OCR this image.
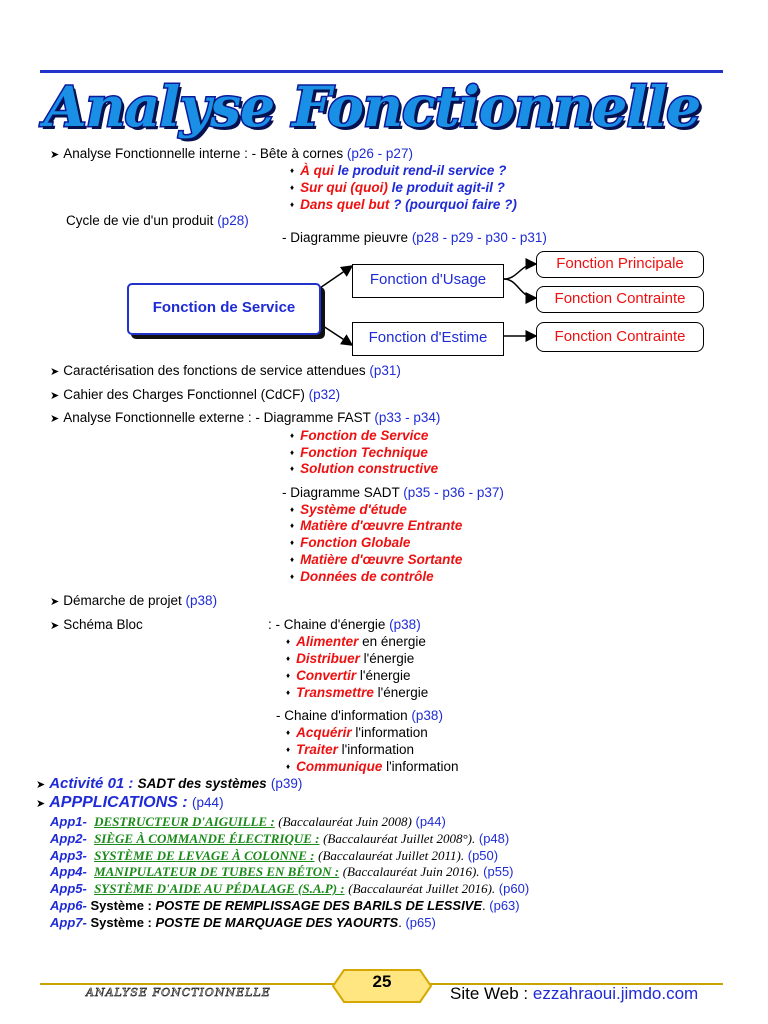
Analyse Fonctionnelle
➤ Analyse Fonctionnelle interne : - Bête à cornes (p26 - p27)
♦ À qui le produit rend-il service ?
♦ Sur qui (quoi) le produit agit-il ?
♦ Dans quel but ? (pourquoi faire ?)
Cycle de vie d'un produit (p28)
- Diagramme pieuvre (p28 - p29 - p30 - p31)
Fonction de Service
Fonction d'Usage
Fonction d'Estime
Fonction Principale
Fonction Contrainte
Fonction Contrainte
➤ Caractérisation des fonctions de service attendues (p31)
➤ Cahier des Charges Fonctionnel (CdCF) (p32)
➤ Analyse Fonctionnelle externe : - Diagramme FAST (p33 - p34)
♦ Fonction de Service
♦ Fonction Technique
♦ Solution constructive
- Diagramme SADT (p35 - p36 - p37)
♦ Système d'étude
♦ Matière d'œuvre Entrante
♦ Fonction Globale
♦ Matière d'œuvre Sortante
♦ Données de contrôle
➤ Démarche de projet (p38)
➤ Schéma Bloc	: - Chaine d'énergie (p38)
♦ Alimenter en énergie
♦ Distribuer l'énergie
♦ Convertir l'énergie
♦ Transmettre l'énergie
- Chaine d'information (p38)
♦ Acquérir l'information
♦ Traiter l'information
♦ Communique l'information
➤ Activité 01 : SADT des systèmes (p39)
➤ APPPLICATIONS : (p44)
App1- DESTRUCTEUR D'AIGUILLE : (Baccalauréat Juin 2008) (p44)
App2- SIÈGE À COMMANDE ÉLECTRIQUE : (Baccalauréat Juillet 2008°). (p48)
App3- SYSTÈME DE LEVAGE À COLONNE : (Baccalauréat Juillet 2011). (p50)
App4- MANIPULATEUR DE TUBES EN BÉTON : (Baccalauréat Juin 2016). (p55)
App5- SYSTÈME D'AIDE AU PÉDALAGE (S.A.P) : (Baccalauréat Juillet 2016). (p60)
App6- Système : POSTE DE REMPLISSAGE DES BARILS DE LESSIVE. (p63)
App7- Système : POSTE DE MARQUAGE DES YAOURTS. (p65)
25
ANALYSE FONCTIONNELLE	Site Web : ezzahraoui.jimdo.com
